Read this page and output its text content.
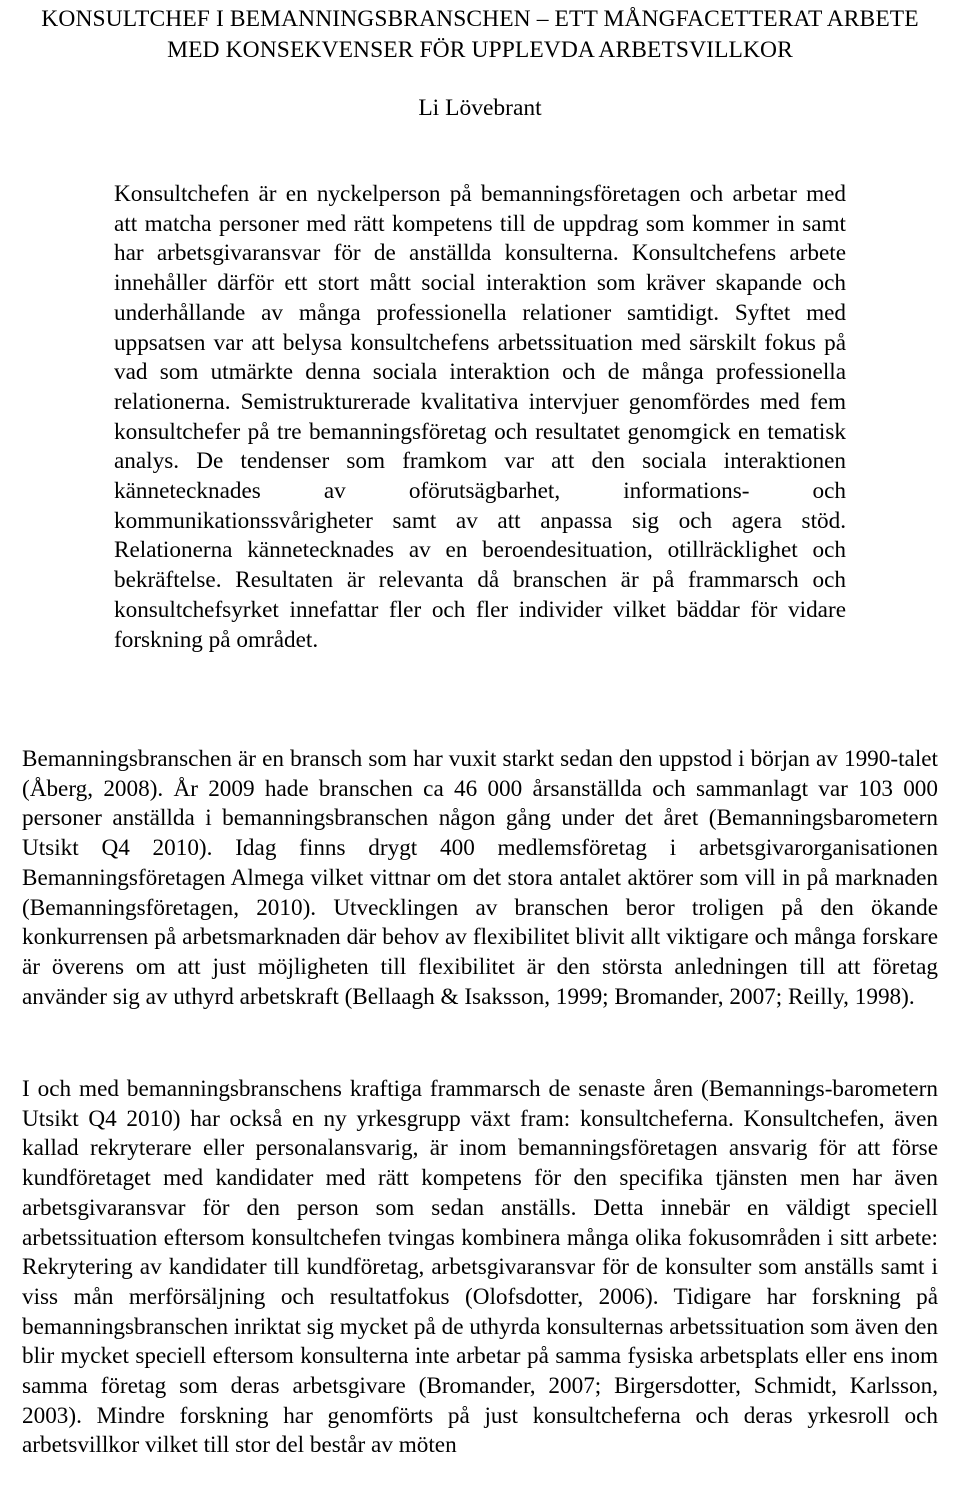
KONSULTCHEF I BEMANNINGSBRANSCHEN – ETT MÅNGFACETTERAT ARBETE
MED KONSEKVENSER FÖR UPPLEVDA ARBETSVILLKOR
Li Lövebrant

Konsultchefen är en nyckelperson på bemanningsföretagen och arbetar med att matcha personer med rätt kompetens till de uppdrag som kommer in samt har arbetsgivaransvar för de anställda konsulterna. Konsultchefens arbete innehåller därför ett stort mått social interaktion som kräver skapande och underhållande av många professionella relationer samtidigt. Syftet med uppsatsen var att belysa konsultchefens arbetssituation med särskilt fokus på vad som utmärkte denna sociala interaktion och de många professionella relationerna. Semistrukturerade kvalitativa intervjuer genomfördes med fem konsultchefer på tre bemanningsföretag och resultatet genomgick en tematisk analys. De tendenser som framkom var att den sociala interaktionen kännetecknades av oförutsägbarhet, informations- och kommunikationssvårigheter samt av att anpassa sig och agera stöd. Relationerna kännetecknades av en beroendesituation, otillräcklighet och bekräftelse. Resultaten är relevanta då branschen är på frammarsch och konsultchefsyrket innefattar fler och fler individer vilket bäddar för vidare forskning på området.

Bemanningsbranschen är en bransch som har vuxit starkt sedan den uppstod i början av 1990-talet (Åberg, 2008). År 2009 hade branschen ca 46 000 årsanställda och sammanlagt var 103 000 personer anställda i bemanningsbranschen någon gång under det året (Bemanningsbarometern Utsikt Q4 2010). Idag finns drygt 400 medlemsföretag i arbetsgivarorganisationen Bemanningsföretagen Almega vilket vittnar om det stora antalet aktörer som vill in på marknaden (Bemanningsföretagen, 2010). Utvecklingen av branschen beror troligen på den ökande konkurrensen på arbetsmarknaden där behov av flexibilitet blivit allt viktigare och många forskare är överens om att just möjligheten till flexibilitet är den största anledningen till att företag använder sig av uthyrd arbetskraft (Bellaagh & Isaksson, 1999; Bromander, 2007; Reilly, 1998).

I och med bemanningsbranschens kraftiga frammarsch de senaste åren (Bemannings-barometern Utsikt Q4 2010) har också en ny yrkesgrupp växt fram: konsultcheferna. Konsultchefen, även kallad rekryterare eller personalansvarig, är inom bemanningsföretagen ansvarig för att förse kundföretaget med kandidater med rätt kompetens för den specifika tjänsten men har även arbetsgivaransvar för den person som sedan anställs. Detta innebär en väldigt speciell arbetssituation eftersom konsultchefen tvingas kombinera många olika fokusområden i sitt arbete: Rekrytering av kandidater till kundföretag, arbetsgivaransvar för de konsulter som anställs samt i viss mån merförsäljning och resultatfokus (Olofsdotter, 2006). Tidigare har forskning på bemanningsbranschen inriktat sig mycket på de uthyrda konsulternas arbetssituation som även den blir mycket speciell eftersom konsulterna inte arbetar på samma fysiska arbetsplats eller ens inom samma företag som deras arbetsgivare (Bromander, 2007; Birgersdotter, Schmidt, Karlsson, 2003). Mindre forskning har genomförts på just konsultcheferna och deras yrkesroll och arbetsvillkor vilket till stor del består av möten
